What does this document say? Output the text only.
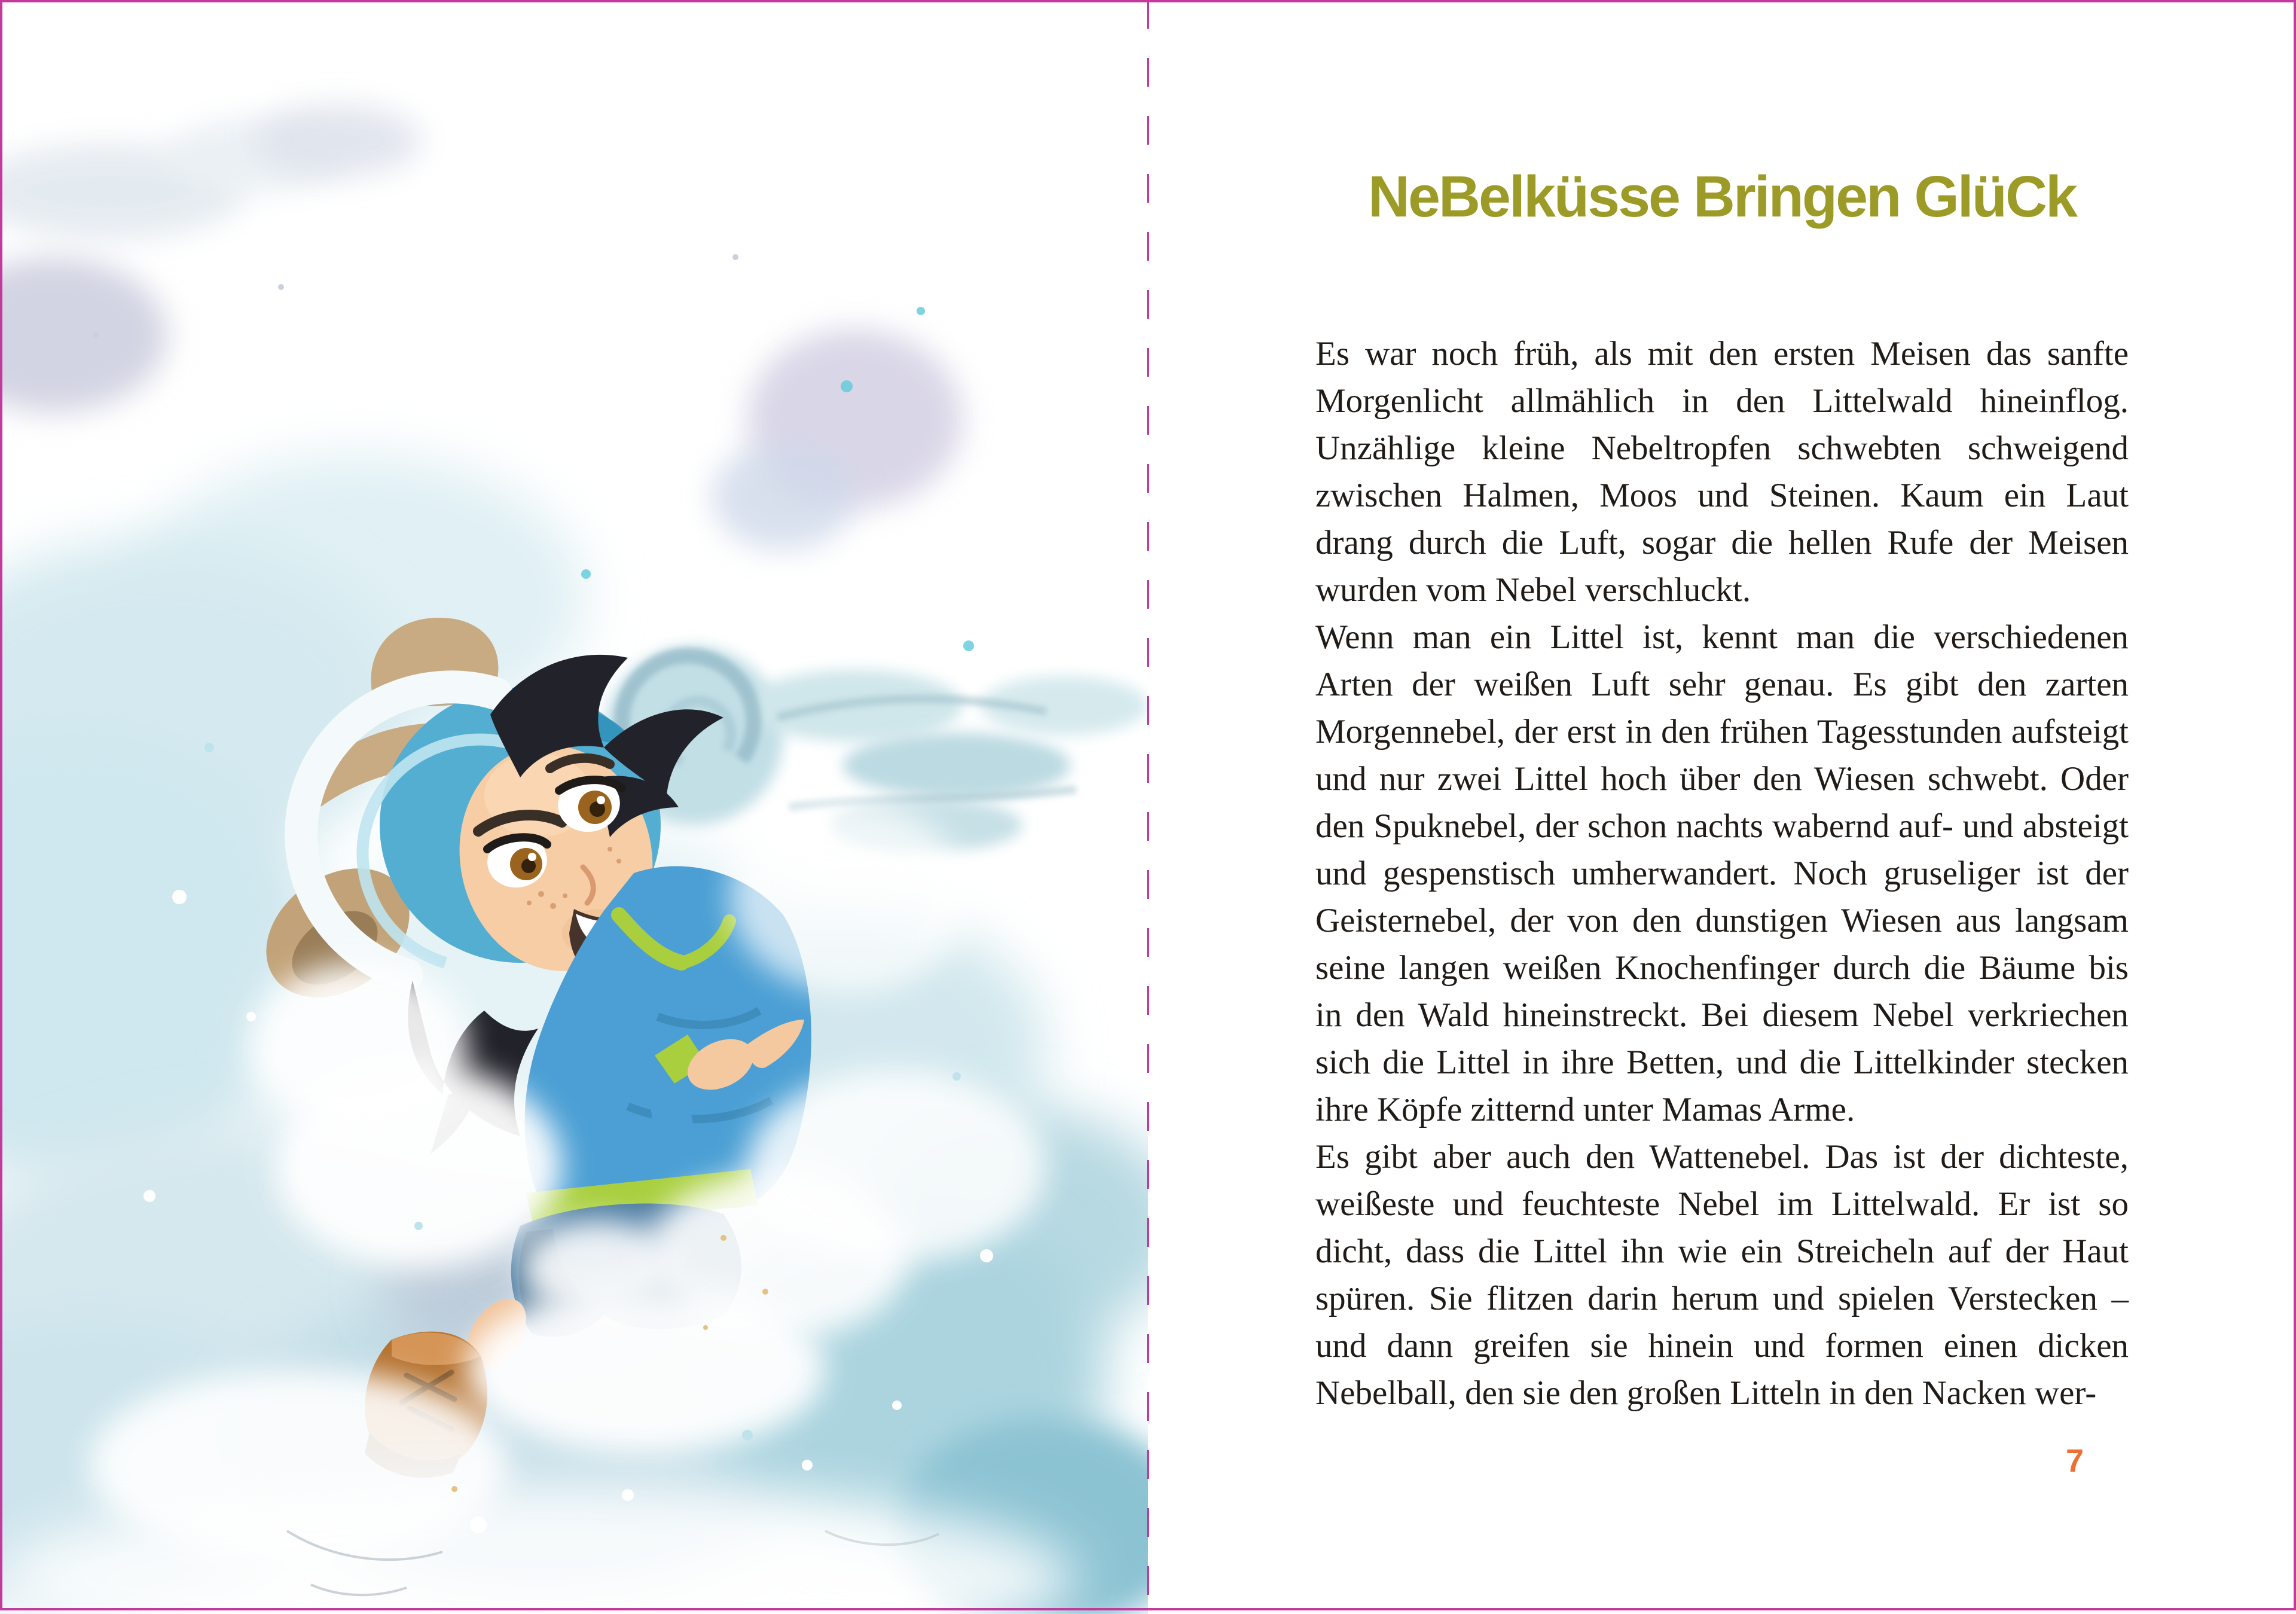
NeBelküsse Bringen GlüCk

Es war noch früh, als mit den ersten Meisen das sanfte Morgenlicht allmählich in den Littelwald hineinflog. Unzählige kleine Nebeltropfen schwebten schweigend zwischen Halmen, Moos und Steinen. Kaum ein Laut drang durch die Luft, sogar die hellen Rufe der Meisen wurden vom Nebel verschluckt.

Wenn man ein Littel ist, kennt man die verschiedenen Arten der weißen Luft sehr genau. Es gibt den zarten Morgennebel, der erst in den frühen Tagesstunden aufsteigt und nur zwei Littel hoch über den Wiesen schwebt. Oder den Spuknebel, der schon nachts wabernd auf- und absteigt und gespenstisch umherwandert. Noch gruseliger ist der Geisternebel, der von den dunstigen Wiesen aus langsam seine langen weißen Knochenfinger durch die Bäume bis in den Wald hineinstreckt. Bei diesem Nebel verkriechen sich die Littel in ihre Betten, und die Littelkinder stecken ihre Köpfe zitternd unter Mamas Arme.

Es gibt aber auch den Wattenebel. Das ist der dichteste, weißeste und feuchteste Nebel im Littelwald. Er ist so dicht, dass die Littel ihn wie ein Streicheln auf der Haut spüren. Sie flitzen darin herum und spielen Verstecken – und dann greifen sie hinein und formen einen dicken Nebelball, den sie den großen Litteln in den Nacken wer-

7
